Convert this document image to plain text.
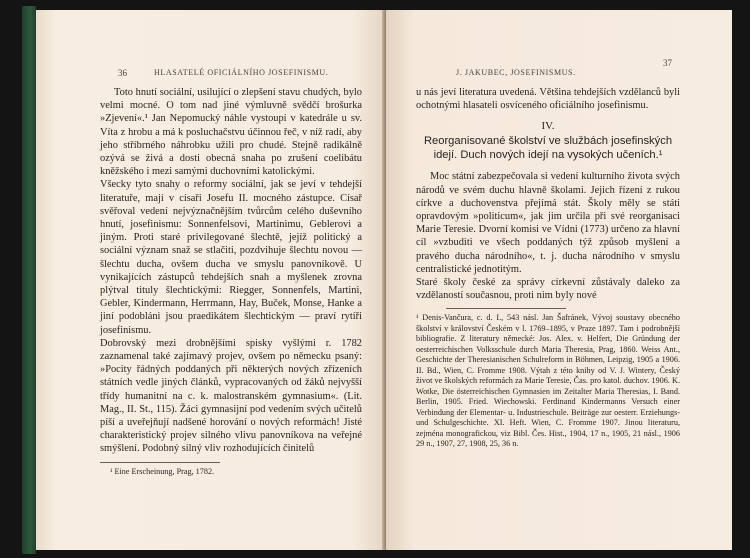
36	HLASATELÉ OFICIÁLNÍHO JOSEFINISMU.

Toto hnutí sociální, usilující o zlepšení stavu chudých, bylo velmi mocné. O tom nad jiné výmluvně svědčí brošurka »Zjevení«.¹ Jan Nepomucký náhle vystoupí v katedrále u sv. Víta z hrobu a má k posluchačstvu účinnou řeč, v níž radí, aby jeho stříbrného náhrobku užili pro chudé. Stejně radikálně ozývá se živá a dosti obecná snaha po zrušení coelibátu kněžského i mezi samými duchovními katolickými.
Všecky tyto snahy o reformy sociální, jak se jeví v tehdejší literatuře, mají v císaři Josefu II. mocného zástupce. Císař svěřoval vedení nejvýznačnějším tvůrcům celého duševního hnutí, josefinismu: Sonnenfelsovi, Martinimu, Geblerovi a jiným. Proti staré privilegované šlechtě, jejíž politický a sociální význam snaž se stlačiti, pozdvihuje šlechtu novou — šlechtu ducha, ovšem ducha ve smyslu panovníkově. U vynikajících zástupců tehdejších snah a myšlenek zrovna plýtval tituly šlechtickými: Riegger, Sonnenfels, Martini, Gebler, Kindermann, Herrmann, Hay, Buček, Monse, Hanke a jiní podobláni jsou praedikátem šlechtickým — praví rytíři josefinismu.
Dobrovský mezi drobnějšími spisky vyšlými r. 1782 zaznamenal také zajímavý projev, ovšem po německu psaný: »Pocity řádných poddaných při některých nových zřízeních státních vedle jiných článků, vypracovaných od žáků nejvyšší třídy humanitní na c. k. malostranském gymnasium«. (Lit. Mag., II. St., 115). Žáci gymnasijní pod vedením svých učitelů píší a uveřejňují nadšené horování o nových reformách! Jisté charakteristický projev silného vlivu panovníkova na veřejné smýšlení. Podobný silný vliv rozhodujících činitelů

¹ Eine Erscheinung, Prag, 1782.

J. JAKUBEC, JOSEFINISMUS.
37

u nás jeví literatura uvedená. Většina tehdejších vzdělanců byli ochotnými hlasateli osvíceného oficiálního josefinismu.

IV.
Reorganisované školství ve službách josefinských idejí. Duch nových idejí na vysokých učeních.¹

Moc státní zabezpečovala si vedení kulturního života svých národů ve svém duchu hlavně školami. Jejich řízení z rukou církve a duchovenstva přejímá stát. Školy měly se státi opravdovým »politicum«, jak jim určila při své reorganisaci Marie Teresie. Dvorní komisi ve Vídni (1773) určeno za hlavní cíl »vzbuditi ve všech poddaných týž způsob myšlení a pravého ducha národního«, t. j. ducha národního v smyslu centralistické jednotitým.
Staré školy české za správy církevní zůstávaly daleko za vzdělaností současnou, proti nim byly nové

¹ Denis-Vančura, c. d. I., 543 násl. Jan Šafránek, Vývoj soustavy obecného školství v království Českém v l. 1769–1895, v Praze 1897. Tam i podrobnější bibliografie. Z literatury německé: Jos. Alex. v. Helfert, Die Gründung der oesterreichischen Volksschule durch Maria Theresia, Prag, 1860. Weiss Ant., Geschichte der Theresianischen Schulreform in Böhmen, Leipzig, 1905 a 1906. II. Bd., Wien, C. Fromme 1908. Výtah z této knihy od V. J. Wintery, Český život ve školských reformách za Marie Teresie, Čas. pro katol. duchov. 1906. K. Wotke, Die österreichischen Gymnasien im Zeitalter Maria Theresias, I. Band. Berlin, 1905. Fried. Wiechowski. Ferdinand Kindermanns Versuch einer Verbindung der Elementar- u. Industrieschule. Beiträge zur oesterr. Erziehungs- und Schulgeschichte. XI. Heft. Wien, C. Fromme 1907. Jinou literaturu, zejména monografickou, viz Bibl. Čes. Hist., 1904, 17 n., 1905, 21 násl., 1906 29 n., 1907, 27, 1908, 25, 36 n.
